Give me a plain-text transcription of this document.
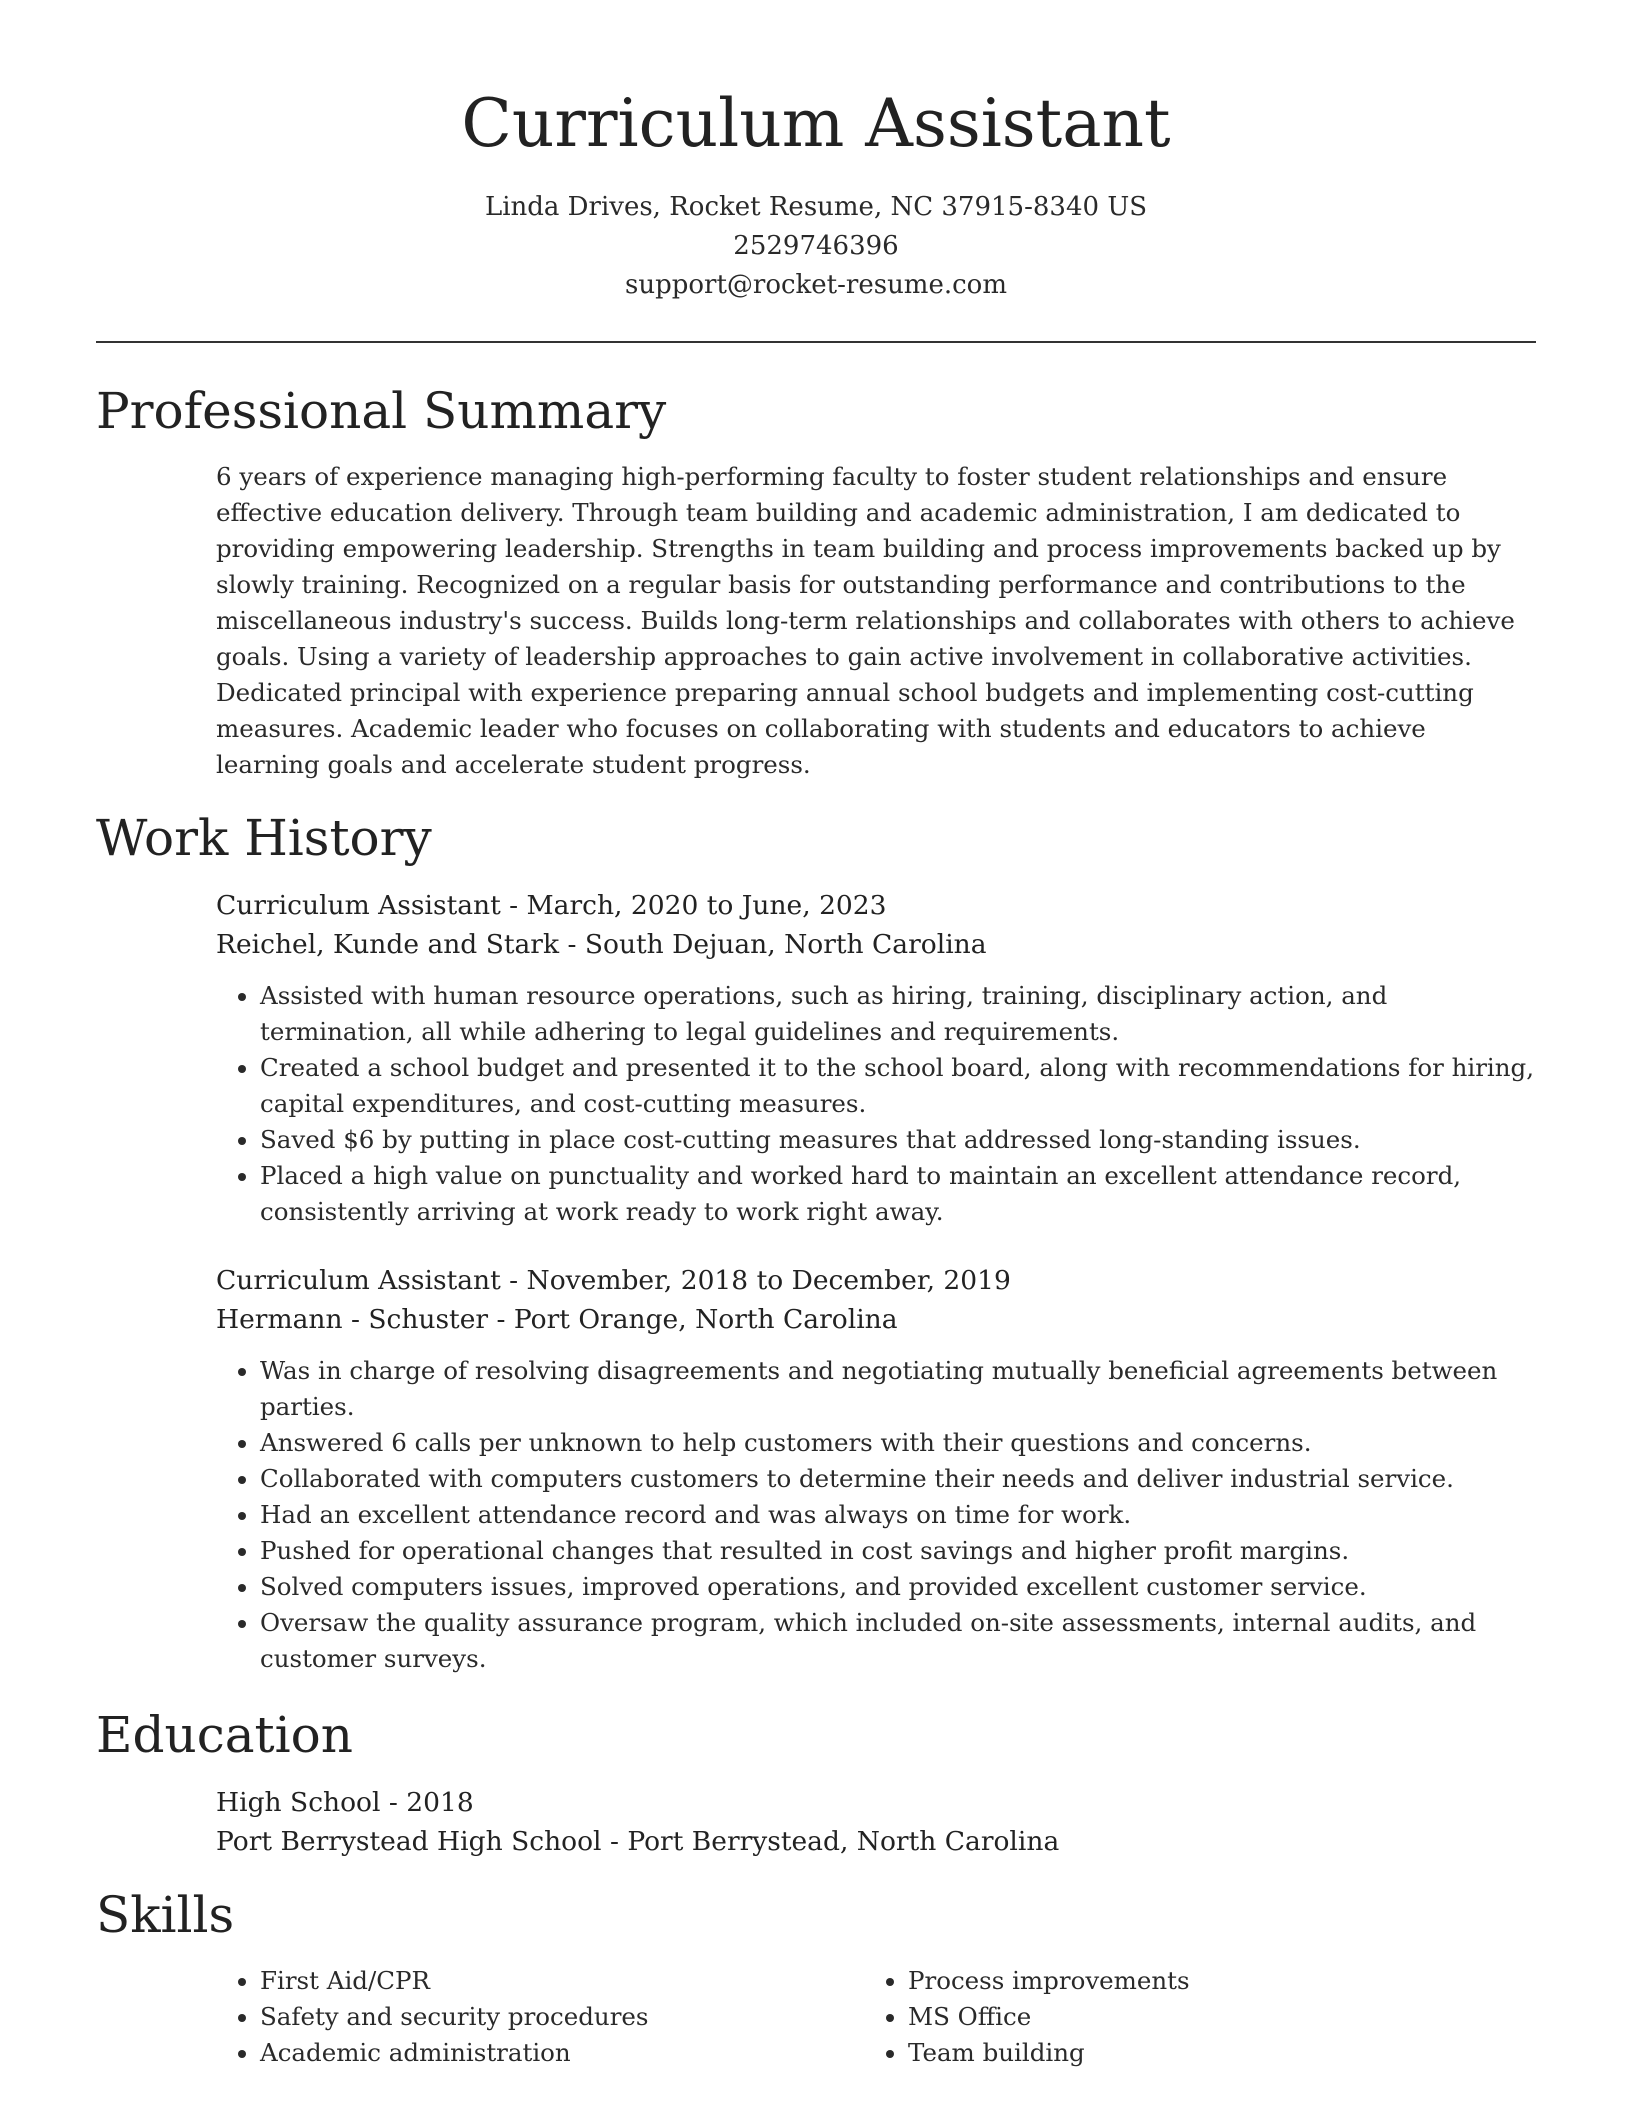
Curriculum Assistant
Linda Drives, Rocket Resume, NC 37915-8340 US
2529746396
support@rocket-resume.com
Professional Summary

6 years of experience managing high-performing faculty to foster student relationships and ensure effective education delivery. Through team building and academic administration, I am dedicated to providing empowering leadership. Strengths in team building and process improvements backed up by slowly training. Recognized on a regular basis for outstanding performance and contributions to the miscellaneous industry's success. Builds long-term relationships and collaborates with others to achieve goals. Using a variety of leadership approaches to gain active involvement in collaborative activities. Dedicated principal with experience preparing annual school budgets and implementing cost-cutting measures. Academic leader who focuses on collaborating with students and educators to achieve learning goals and accelerate student progress.

Work History
Curriculum Assistant - March, 2020 to June, 2023
Reichel, Kunde and Stark - South Dejuan, North Carolina
• Assisted with human resource operations, such as hiring, training, disciplinary action, and termination, all while adhering to legal guidelines and requirements.
• Created a school budget and presented it to the school board, along with recommendations for hiring, capital expenditures, and cost-cutting measures.
• Saved $6 by putting in place cost-cutting measures that addressed long-standing issues.
• Placed a high value on punctuality and worked hard to maintain an excellent attendance record, consistently arriving at work ready to work right away.
Curriculum Assistant - November, 2018 to December, 2019
Hermann - Schuster - Port Orange, North Carolina
• Was in charge of resolving disagreements and negotiating mutually beneficial agreements between parties.
• Answered 6 calls per unknown to help customers with their questions and concerns.
• Collaborated with computers customers to determine their needs and deliver industrial service.
• Had an excellent attendance record and was always on time for work.
• Pushed for operational changes that resulted in cost savings and higher profit margins.
• Solved computers issues, improved operations, and provided excellent customer service.
• Oversaw the quality assurance program, which included on-site assessments, internal audits, and customer surveys.
Education
High School - 2018
Port Berrystead High School - Port Berrystead, North Carolina
Skills
• First Aid/CPR
• Safety and security procedures
• Academic administration
• Process improvements
• MS Office
• Team building
